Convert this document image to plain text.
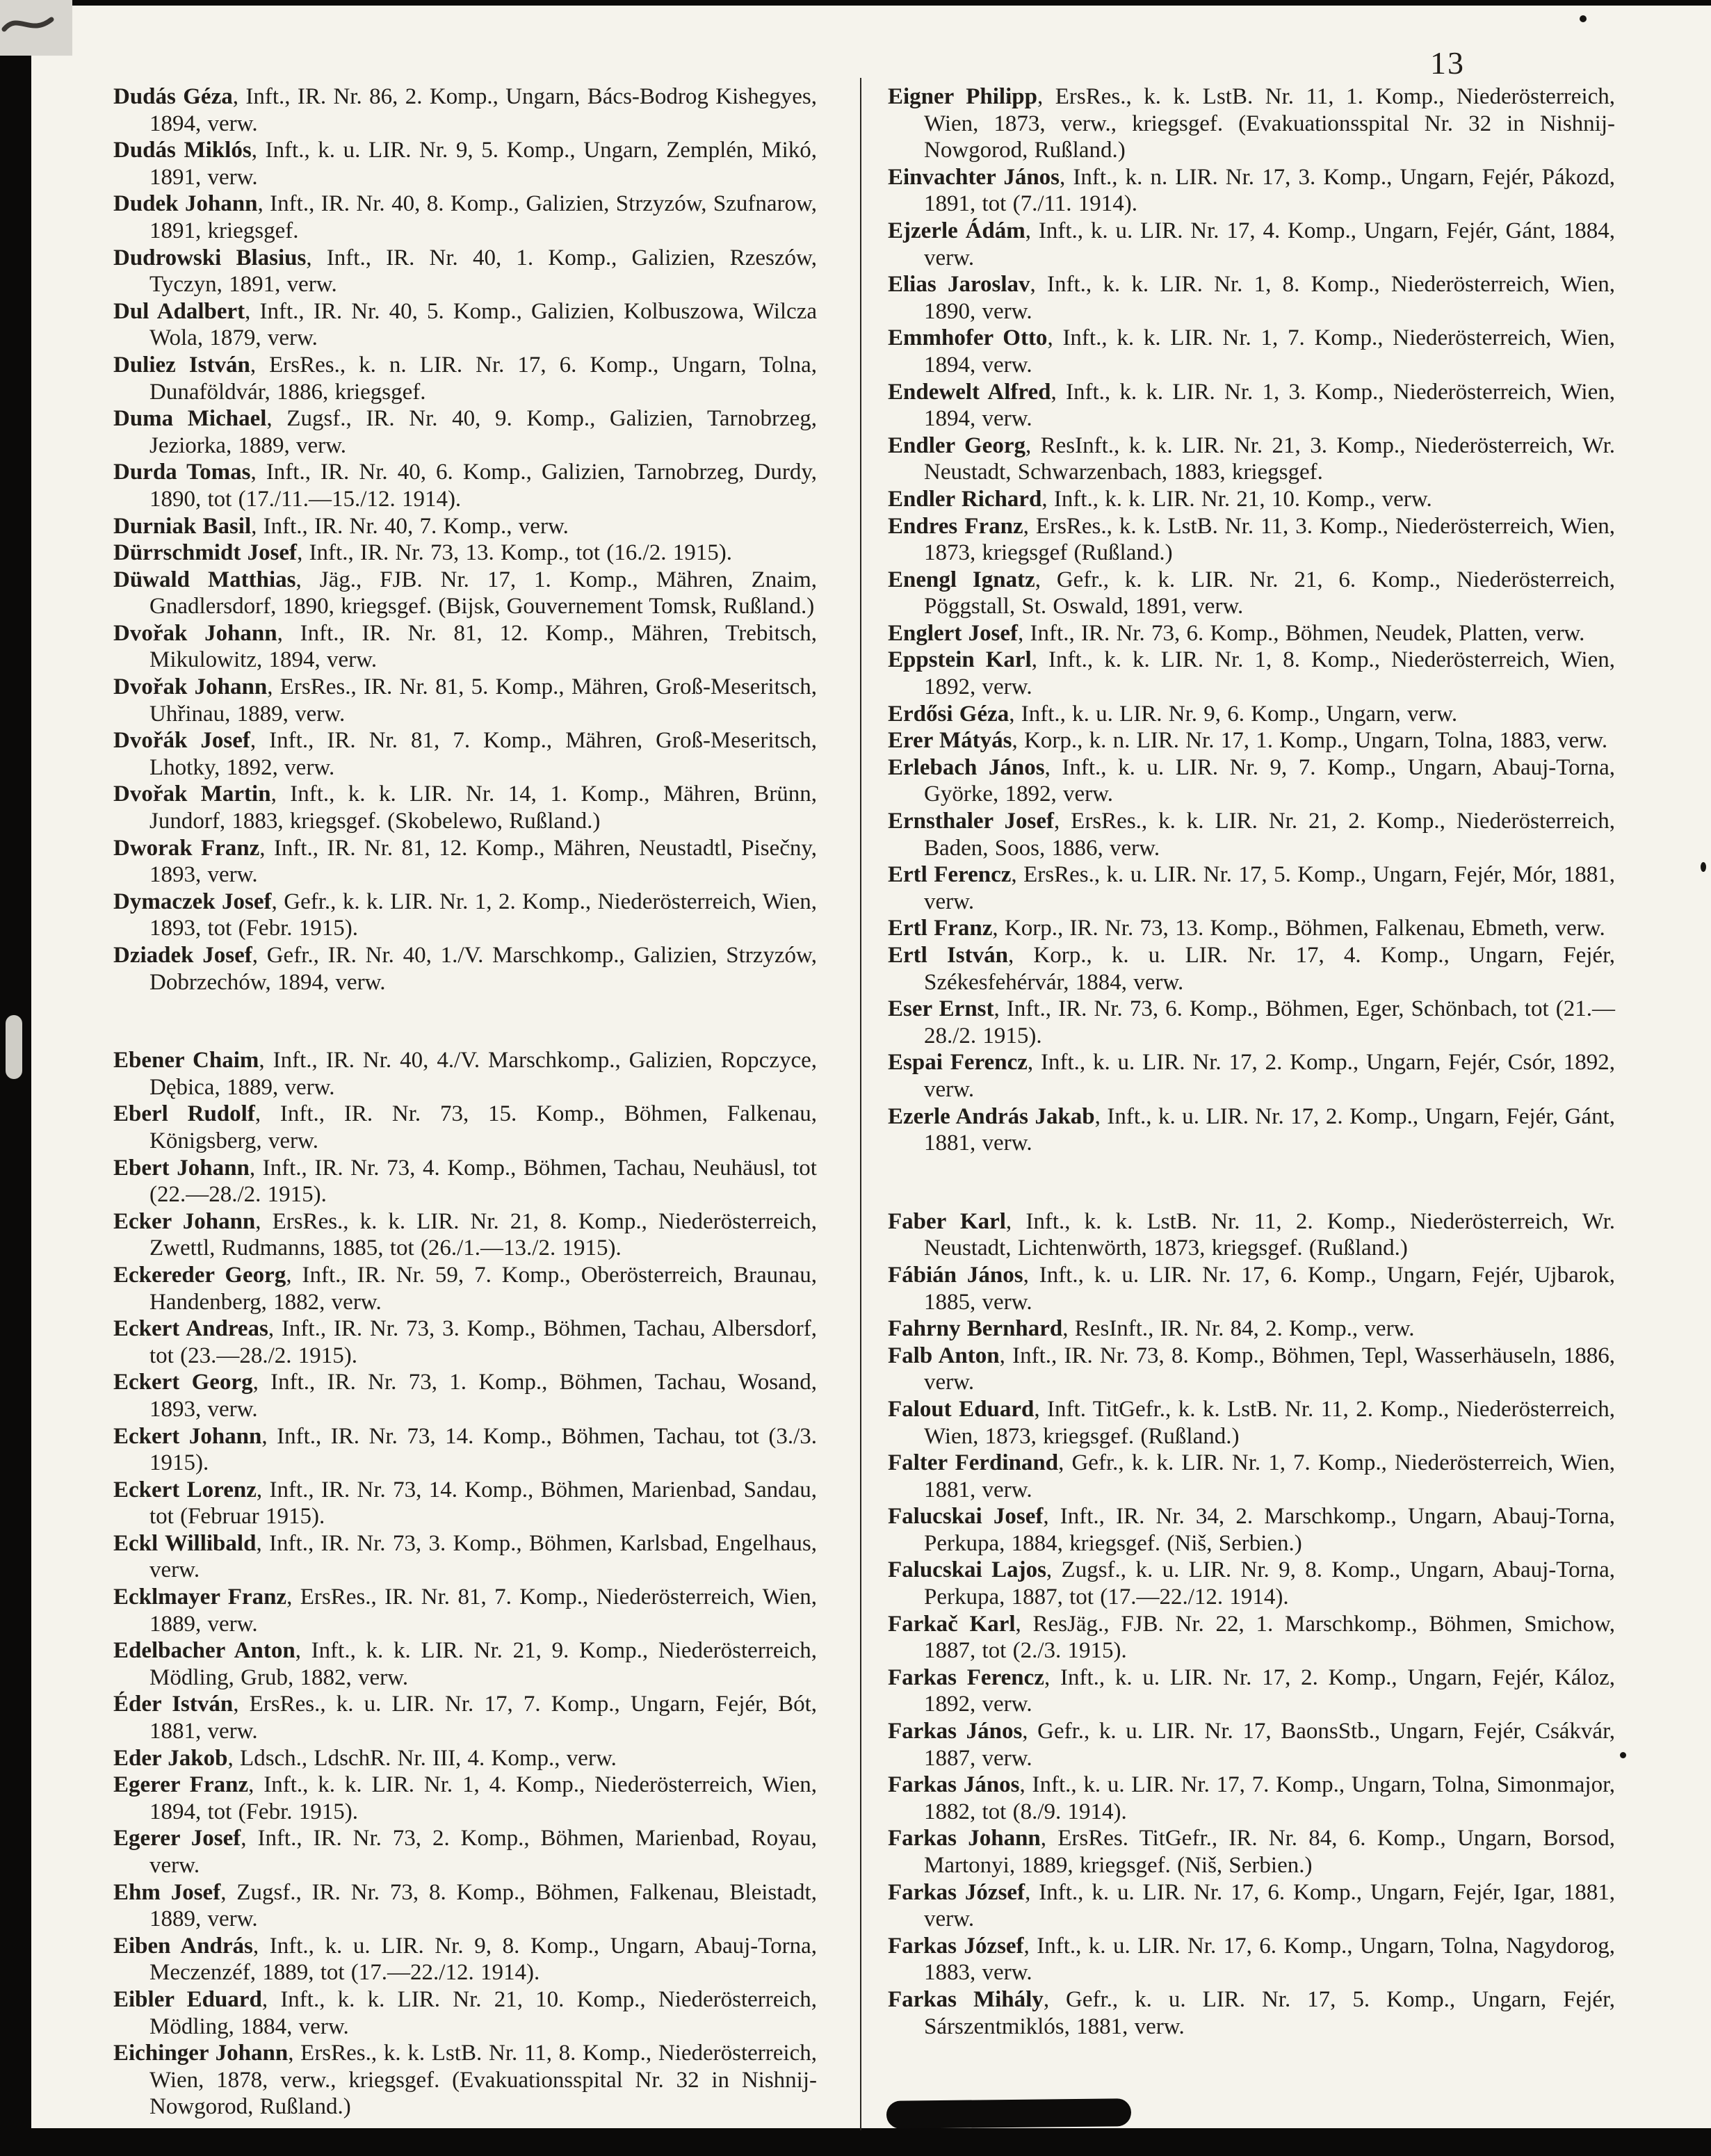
13

Dudás Géza, Inft., IR. Nr. 86, 2. Komp., Ungarn, Bács-Bodrog Kishegyes, 1894, verw.

Dudás Miklós, Inft., k. u. LIR. Nr. 9, 5. Komp., Ungarn, Zemplén, Mikó, 1891, verw.

Dudek Johann, Inft., IR. Nr. 40, 8. Komp., Galizien, Strzyzów, Szufnarow, 1891, kriegsgef.

Dudrowski Blasius, Inft., IR. Nr. 40, 1. Komp., Galizien, Rzeszów, Tyczyn, 1891, verw.

Dul Adalbert, Inft., IR. Nr. 40, 5. Komp., Galizien, Kolbuszowa, Wilcza Wola, 1879, verw.

Duliez István, ErsRes., k. n. LIR. Nr. 17, 6. Komp., Ungarn, Tolna, Dunaföldvár, 1886, kriegsgef.

Duma Michael, Zugsf., IR. Nr. 40, 9. Komp., Galizien, Tarnobrzeg, Jeziorka, 1889, verw.

Durda Tomas, Inft., IR. Nr. 40, 6. Komp., Galizien, Tarnobrzeg, Durdy, 1890, tot (17./11.—15./12. 1914).

Durniak Basil, Inft., IR. Nr. 40, 7. Komp., verw.

Dürrschmidt Josef, Inft., IR. Nr. 73, 13. Komp., tot (16./2. 1915).

Düwald Matthias, Jäg., FJB. Nr. 17, 1. Komp., Mähren, Znaim, Gnadlersdorf, 1890, kriegsgef. (Bijsk, Gouvernement Tomsk, Rußland.)

Dvořak Johann, Inft., IR. Nr. 81, 12. Komp., Mähren, Trebitsch, Mikulowitz, 1894, verw.

Dvořak Johann, ErsRes., IR. Nr. 81, 5. Komp., Mähren, Groß-Meseritsch, Uhřinau, 1889, verw.

Dvořák Josef, Inft., IR. Nr. 81, 7. Komp., Mähren, Groß-Meseritsch, Lhotky, 1892, verw.

Dvořak Martin, Inft., k. k. LIR. Nr. 14, 1. Komp., Mähren, Brünn, Jundorf, 1883, kriegsgef. (Skobelewo, Rußland.)

Dworak Franz, Inft., IR. Nr. 81, 12. Komp., Mähren, Neustadtl, Pisečny, 1893, verw.

Dymaczek Josef, Gefr., k. k. LIR. Nr. 1, 2. Komp., Niederösterreich, Wien, 1893, tot (Febr. 1915).

Dziadek Josef, Gefr., IR. Nr. 40, 1./V. Marschkomp., Galizien, Strzyzów, Dobrzechów, 1894, verw.

Ebener Chaim, Inft., IR. Nr. 40, 4./V. Marschkomp., Galizien, Ropczyce, Dębica, 1889, verw.

Eberl Rudolf, Inft., IR. Nr. 73, 15. Komp., Böhmen, Falkenau, Königsberg, verw.

Ebert Johann, Inft., IR. Nr. 73, 4. Komp., Böhmen, Tachau, Neuhäusl, tot (22.—28./2. 1915).

Ecker Johann, ErsRes., k. k. LIR. Nr. 21, 8. Komp., Niederösterreich, Zwettl, Rudmanns, 1885, tot (26./1.—13./2. 1915).

Eckereder Georg, Inft., IR. Nr. 59, 7. Komp., Oberösterreich, Braunau, Handenberg, 1882, verw.

Eckert Andreas, Inft., IR. Nr. 73, 3. Komp., Böhmen, Tachau, Albersdorf, tot (23.—28./2. 1915).

Eckert Georg, Inft., IR. Nr. 73, 1. Komp., Böhmen, Tachau, Wosand, 1893, verw.

Eckert Johann, Inft., IR. Nr. 73, 14. Komp., Böhmen, Tachau, tot (3./3. 1915).

Eckert Lorenz, Inft., IR. Nr. 73, 14. Komp., Böhmen, Marienbad, Sandau, tot (Februar 1915).

Eckl Willibald, Inft., IR. Nr. 73, 3. Komp., Böhmen, Karlsbad, Engelhaus, verw.

Ecklmayer Franz, ErsRes., IR. Nr. 81, 7. Komp., Niederösterreich, Wien, 1889, verw.

Edelbacher Anton, Inft., k. k. LIR. Nr. 21, 9. Komp., Niederösterreich, Mödling, Grub, 1882, verw.

Éder István, ErsRes., k. u. LIR. Nr. 17, 7. Komp., Ungarn, Fejér, Bót, 1881, verw.

Eder Jakob, Ldsch., LdschR. Nr. III, 4. Komp., verw.

Egerer Franz, Inft., k. k. LIR. Nr. 1, 4. Komp., Niederösterreich, Wien, 1894, tot (Febr. 1915).

Egerer Josef, Inft., IR. Nr. 73, 2. Komp., Böhmen, Marienbad, Royau, verw.

Ehm Josef, Zugsf., IR. Nr. 73, 8. Komp., Böhmen, Falkenau, Bleistadt, 1889, verw.

Eiben András, Inft., k. u. LIR. Nr. 9, 8. Komp., Ungarn, Abauj-Torna, Meczenzéf, 1889, tot (17.—22./12. 1914).

Eibler Eduard, Inft., k. k. LIR. Nr. 21, 10. Komp., Niederösterreich, Mödling, 1884, verw.

Eichinger Johann, ErsRes., k. k. LstB. Nr. 11, 8. Komp., Niederösterreich, Wien, 1878, verw., kriegsgef. (Evakuationsspital Nr. 32 in Nishnij-Nowgorod, Rußland.)

Eigner Philipp, ErsRes., k. k. LstB. Nr. 11, 1. Komp., Niederösterreich, Wien, 1873, verw., kriegsgef. (Evakuationsspital Nr. 32 in Nishnij-Nowgorod, Rußland.)

Einvachter János, Inft., k. n. LIR. Nr. 17, 3. Komp., Ungarn, Fejér, Pákozd, 1891, tot (7./11. 1914).

Ejzerle Ádám, Inft., k. u. LIR. Nr. 17, 4. Komp., Ungarn, Fejér, Gánt, 1884, verw.

Elias Jaroslav, Inft., k. k. LIR. Nr. 1, 8. Komp., Niederösterreich, Wien, 1890, verw.

Emmhofer Otto, Inft., k. k. LIR. Nr. 1, 7. Komp., Niederösterreich, Wien, 1894, verw.

Endewelt Alfred, Inft., k. k. LIR. Nr. 1, 3. Komp., Niederösterreich, Wien, 1894, verw.

Endler Georg, ResInft., k. k. LIR. Nr. 21, 3. Komp., Niederösterreich, Wr. Neustadt, Schwarzenbach, 1883, kriegsgef.

Endler Richard, Inft., k. k. LIR. Nr. 21, 10. Komp., verw.

Endres Franz, ErsRes., k. k. LstB. Nr. 11, 3. Komp., Niederösterreich, Wien, 1873, kriegsgef (Rußland.)

Enengl Ignatz, Gefr., k. k. LIR. Nr. 21, 6. Komp., Niederösterreich, Pöggstall, St. Oswald, 1891, verw.

Englert Josef, Inft., IR. Nr. 73, 6. Komp., Böhmen, Neudek, Platten, verw.

Eppstein Karl, Inft., k. k. LIR. Nr. 1, 8. Komp., Niederösterreich, Wien, 1892, verw.

Erdősi Géza, Inft., k. u. LIR. Nr. 9, 6. Komp., Ungarn, verw.

Erer Mátyás, Korp., k. n. LIR. Nr. 17, 1. Komp., Ungarn, Tolna, 1883, verw.

Erlebach János, Inft., k. u. LIR. Nr. 9, 7. Komp., Ungarn, Abauj-Torna, Györke, 1892, verw.

Ernsthaler Josef, ErsRes., k. k. LIR. Nr. 21, 2. Komp., Niederösterreich, Baden, Soos, 1886, verw.

Ertl Ferencz, ErsRes., k. u. LIR. Nr. 17, 5. Komp., Ungarn, Fejér, Mór, 1881, verw.

Ertl Franz, Korp., IR. Nr. 73, 13. Komp., Böhmen, Falkenau, Ebmeth, verw.

Ertl István, Korp., k. u. LIR. Nr. 17, 4. Komp., Ungarn, Fejér, Székesfehérvár, 1884, verw.

Eser Ernst, Inft., IR. Nr. 73, 6. Komp., Böhmen, Eger, Schönbach, tot (21.—28./2. 1915).

Espai Ferencz, Inft., k. u. LIR. Nr. 17, 2. Komp., Ungarn, Fejér, Csór, 1892, verw.

Ezerle András Jakab, Inft., k. u. LIR. Nr. 17, 2. Komp., Ungarn, Fejér, Gánt, 1881, verw.

Faber Karl, Inft., k. k. LstB. Nr. 11, 2. Komp., Niederösterreich, Wr. Neustadt, Lichtenwörth, 1873, kriegsgef. (Rußland.)

Fábián János, Inft., k. u. LIR. Nr. 17, 6. Komp., Ungarn, Fejér, Ujbarok, 1885, verw.

Fahrny Bernhard, ResInft., IR. Nr. 84, 2. Komp., verw.

Falb Anton, Inft., IR. Nr. 73, 8. Komp., Böhmen, Tepl, Wasserhäuseln, 1886, verw.

Falout Eduard, Inft. TitGefr., k. k. LstB. Nr. 11, 2. Komp., Niederösterreich, Wien, 1873, kriegsgef. (Rußland.)

Falter Ferdinand, Gefr., k. k. LIR. Nr. 1, 7. Komp., Niederösterreich, Wien, 1881, verw.

Falucskai Josef, Inft., IR. Nr. 34, 2. Marschkomp., Ungarn, Abauj-Torna, Perkupa, 1884, kriegsgef. (Niš, Serbien.)

Falucskai Lajos, Zugsf., k. u. LIR. Nr. 9, 8. Komp., Ungarn, Abauj-Torna, Perkupa, 1887, tot (17.—22./12. 1914).

Farkač Karl, ResJäg., FJB. Nr. 22, 1. Marschkomp., Böhmen, Smichow, 1887, tot (2./3. 1915).

Farkas Ferencz, Inft., k. u. LIR. Nr. 17, 2. Komp., Ungarn, Fejér, Káloz, 1892, verw.

Farkas János, Gefr., k. u. LIR. Nr. 17, BaonsStb., Ungarn, Fejér, Csákvár, 1887, verw.

Farkas János, Inft., k. u. LIR. Nr. 17, 7. Komp., Ungarn, Tolna, Simonmajor, 1882, tot (8./9. 1914).

Farkas Johann, ErsRes. TitGefr., IR. Nr. 84, 6. Komp., Ungarn, Borsod, Martonyi, 1889, kriegsgef. (Niš, Serbien.)

Farkas József, Inft., k. u. LIR. Nr. 17, 6. Komp., Ungarn, Fejér, Igar, 1881, verw.

Farkas József, Inft., k. u. LIR. Nr. 17, 6. Komp., Ungarn, Tolna, Nagydorog, 1883, verw.

Farkas Mihály, Gefr., k. u. LIR. Nr. 17, 5. Komp., Ungarn, Fejér, Sárszentmiklós, 1881, verw.
